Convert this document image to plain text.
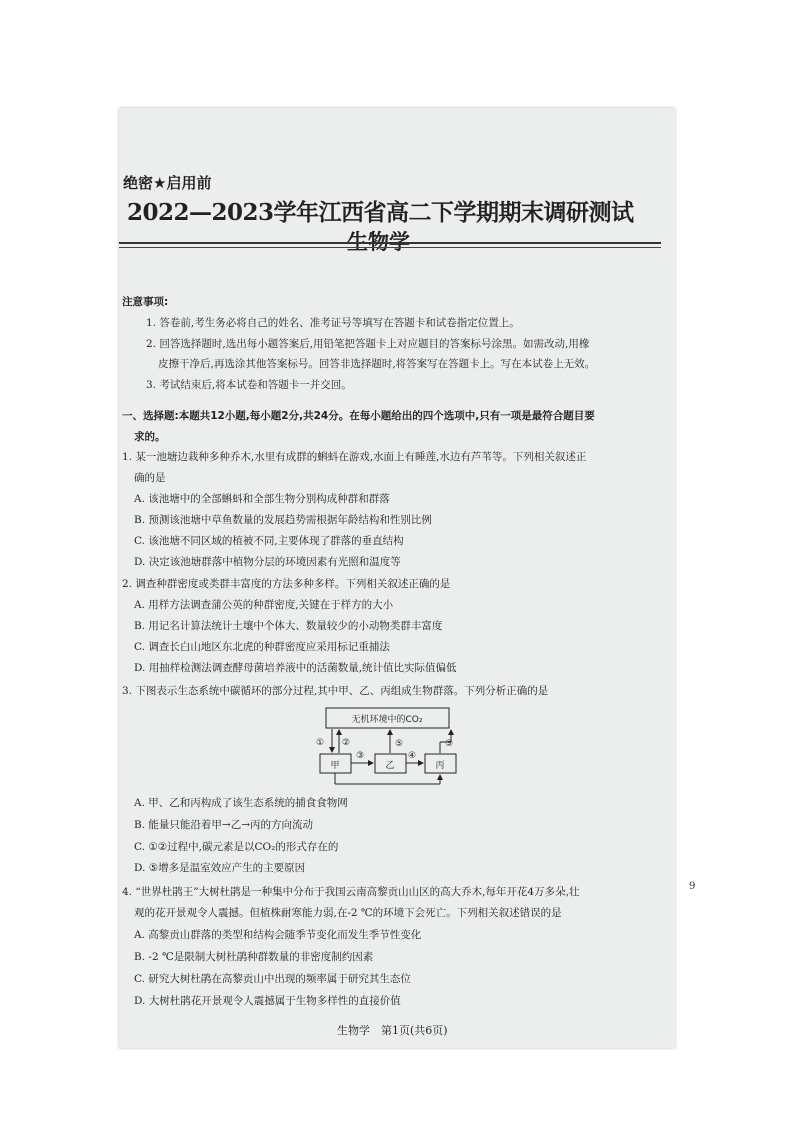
绝密★启用前
2022—2023学年江西省高二下学期期末调研测试
生物学
注意事项:
1. 答卷前,考生务必将自己的姓名、准考证号等填写在答题卡和试卷指定位置上。
2. 回答选择题时,选出每小题答案后,用铅笔把答题卡上对应题目的答案标号涂黑。如需改动,用橡
皮擦干净后,再选涂其他答案标号。回答非选择题时,将答案写在答题卡上。写在本试卷上无效。
3. 考试结束后,将本试卷和答题卡一并交回。
一、选择题:本题共12小题,每小题2分,共24分。在每小题给出的四个选项中,只有一项是最符合题目要
求的。
1. 某一池塘边栽种多种乔木,水里有成群的蝌蚪在游戏,水面上有睡莲,水边有芦苇等。下列相关叙述正
确的是
A. 该池塘中的全部蝌蚪和全部生物分别构成种群和群落
B. 预测该池塘中草鱼数量的发展趋势需根据年龄结构和性别比例
C. 该池塘不同区域的植被不同,主要体现了群落的垂直结构
D. 决定该池塘群落中植物分层的环境因素有光照和温度等
2. 调查种群密度或类群丰富度的方法多种多样。下列相关叙述正确的是
A. 用样方法调查蒲公英的种群密度,关键在于样方的大小
B. 用记名计算法统计土壤中个体大、数量较少的小动物类群丰富度
C. 调查长白山地区东北虎的种群密度应采用标记重捕法
D. 用抽样检测法调查酵母菌培养液中的活菌数量,统计值比实际值偏低
3. 下图表示生态系统中碳循环的部分过程,其中甲、乙、丙组成生物群落。下列分析正确的是
无机环境中的CO₂
甲	乙	丙
① ②
③	④
⑤	⑤
A. 甲、乙和丙构成了该生态系统的捕食食物网
B. 能量只能沿着甲→乙→丙的方向流动
C. ①②过程中,碳元素是以CO₂的形式存在的
D. ⑤增多是温室效应产生的主要原因
4. “世界杜鹃王”大树杜鹃是一种集中分布于我国云南高黎贡山山区的高大乔木,每年开花4万多朵,壮
观的花开景观令人震撼。但植株耐寒能力弱,在-2 ℃的环境下会死亡。下列相关叙述错误的是
A. 高黎贡山群落的类型和结构会随季节变化而发生季节性变化
B. -2 ℃是限制大树杜鹃种群数量的非密度制约因素
C. 研究大树杜鹃在高黎贡山中出现的频率属于研究其生态位
D. 大树杜鹃花开景观令人震撼属于生物多样性的直接价值
生物学　第1页(共6页)
9
